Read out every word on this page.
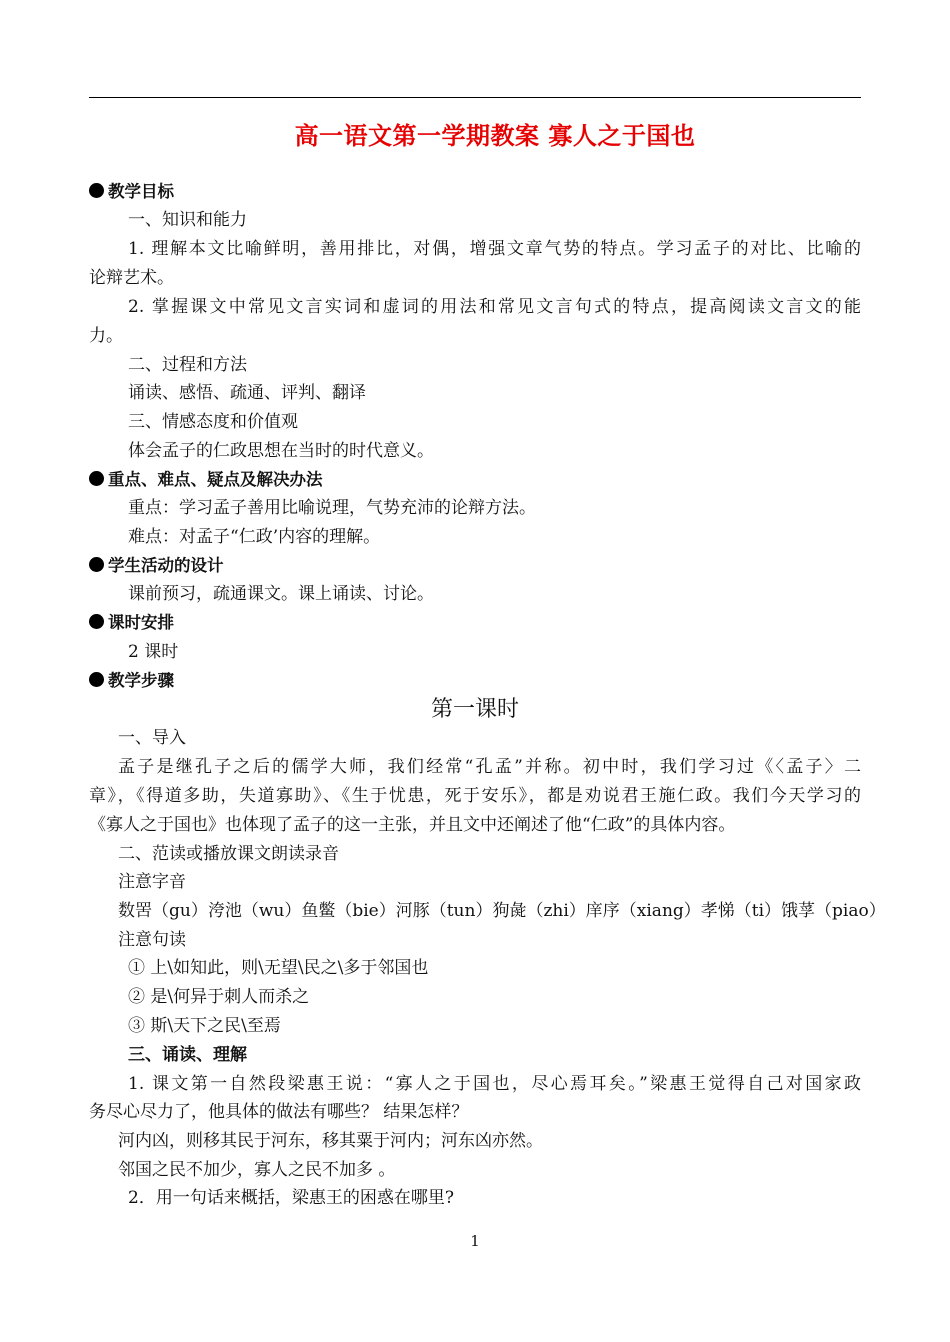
高一语文第一学期教案 寡人之于国也
教学目标
一、知识和能力
1. 理解本文比喻鲜明，善用排比，对偶，增强文章气势的特点。学习孟子的对比、比喻的
论辩艺术。
2. 掌握课文中常见文言实词和虚词的用法和常见文言句式的特点，提高阅读文言文的能
力。
二、过程和方法
诵读、感悟、疏通、评判、翻译
三、情感态度和价值观
体会孟子的仁政思想在当时的时代意义。
重点、难点、疑点及解决办法
重点：学习孟子善用比喻说理，气势充沛的论辩方法。
难点：对孟子“仁政’内容的理解。
学生活动的设计
课前预习，疏通课文。课上诵读、讨论。
课时安排
2 课时
教学步骤
第一课时
一、导入
孟子是继孔子之后的儒学大师，我们经常“孔孟”并称。初中时，我们学习过《〈孟子〉二
章》，《得道多助，失道寡助》、《生于忧患，死于安乐》，都是劝说君王施仁政。我们今天学习的
《寡人之于国也》也体现了孟子的这一主张，并且文中还阐述了他“仁政”的具体内容。
二、范读或播放课文朗读录音
注意字音
数罟（gu）洿池（wu）鱼鳖（bie）河豚（tun）狗彘（zhi）庠序（xiang）孝悌（ti）饿莩（piao）
注意句读
① 上\如知此，则\无望\民之\多于邻国也
② 是\何异于刺人而杀之
③ 斯\天下之民\至焉
三、诵读、理解
1. 课文第一自然段梁惠王说：“寡人之于国也，尽心焉耳矣。”梁惠王觉得自己对国家政
务尽心尽力了，他具体的做法有哪些？ 结果怎样？
河内凶，则移其民于河东，移其粟于河内；河东凶亦然。
邻国之民不加少，寡人之民不加多 。
2．用一句话来概括，梁惠王的困惑在哪里?
1
